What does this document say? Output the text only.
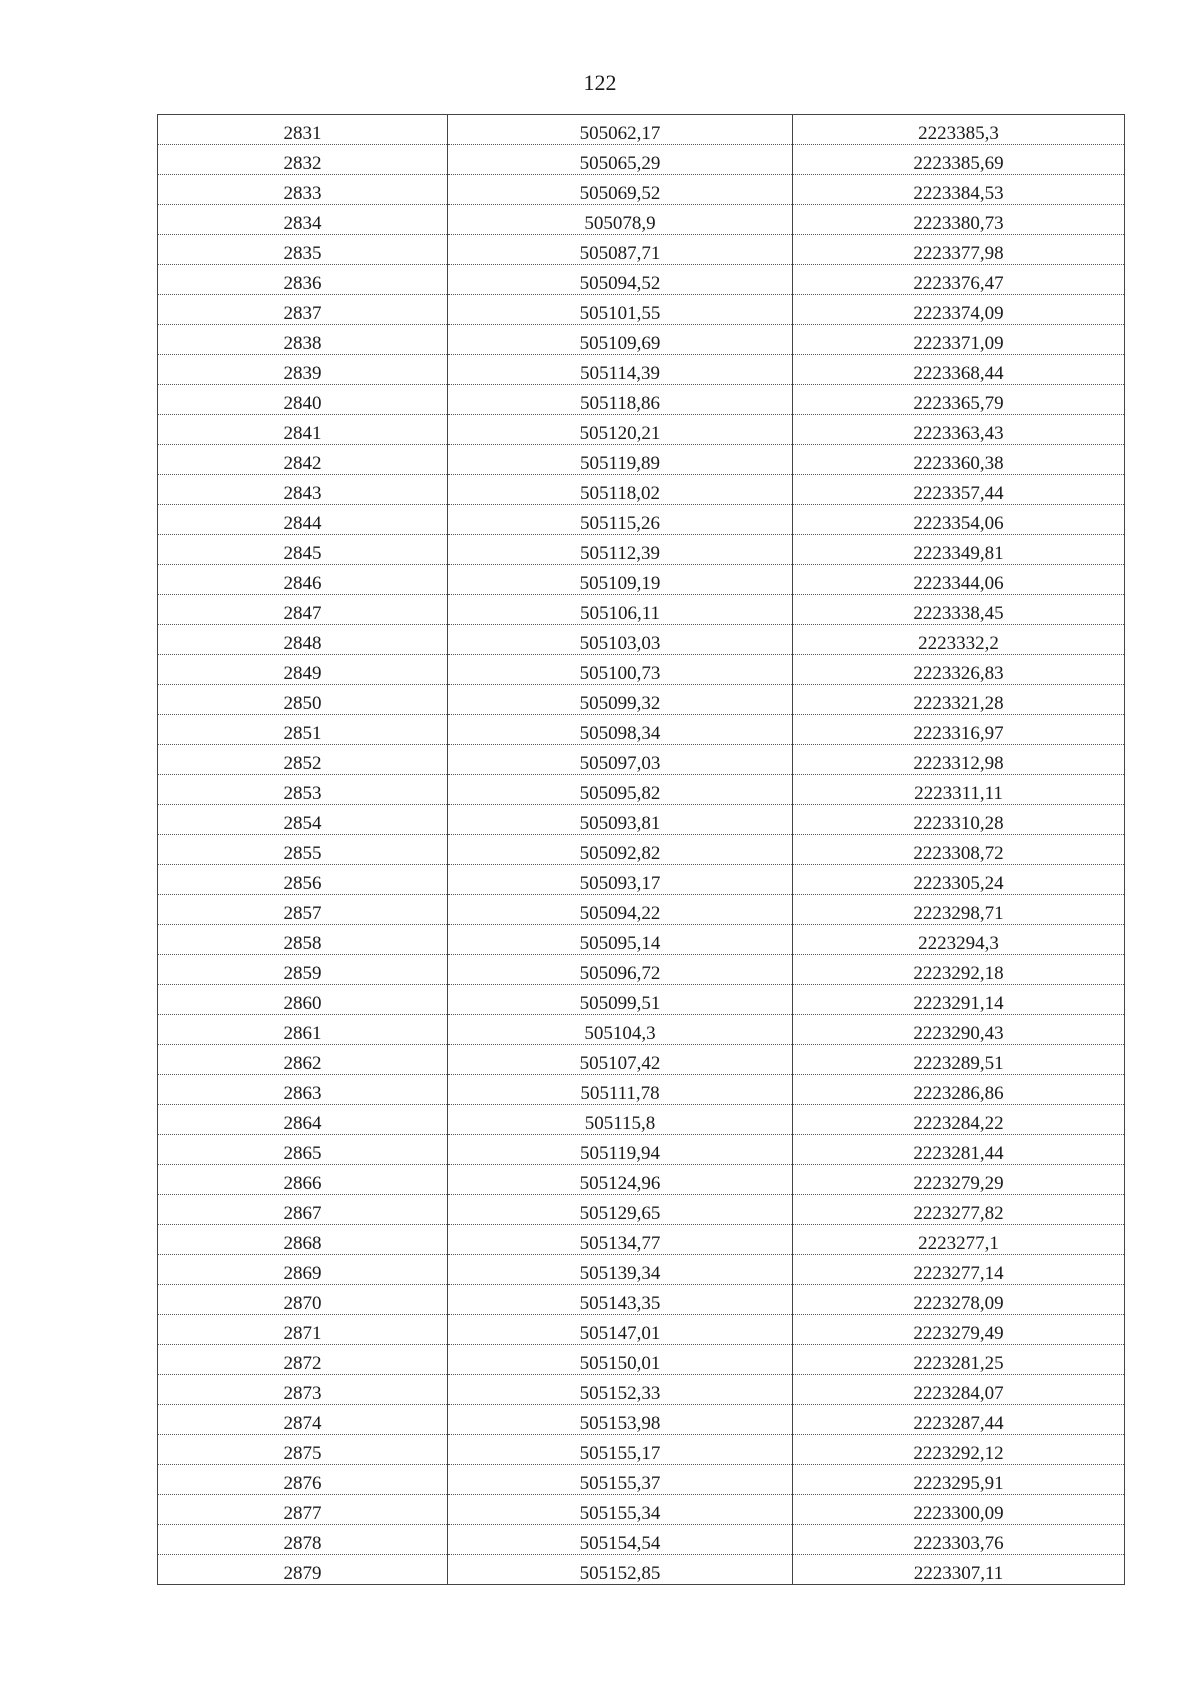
122
2831	505062,17	2223385,3
2832	505065,29	2223385,69
2833	505069,52	2223384,53
2834	505078,9	2223380,73
2835	505087,71	2223377,98
2836	505094,52	2223376,47
2837	505101,55	2223374,09
2838	505109,69	2223371,09
2839	505114,39	2223368,44
2840	505118,86	2223365,79
2841	505120,21	2223363,43
2842	505119,89	2223360,38
2843	505118,02	2223357,44
2844	505115,26	2223354,06
2845	505112,39	2223349,81
2846	505109,19	2223344,06
2847	505106,11	2223338,45
2848	505103,03	2223332,2
2849	505100,73	2223326,83
2850	505099,32	2223321,28
2851	505098,34	2223316,97
2852	505097,03	2223312,98
2853	505095,82	2223311,11
2854	505093,81	2223310,28
2855	505092,82	2223308,72
2856	505093,17	2223305,24
2857	505094,22	2223298,71
2858	505095,14	2223294,3
2859	505096,72	2223292,18
2860	505099,51	2223291,14
2861	505104,3	2223290,43
2862	505107,42	2223289,51
2863	505111,78	2223286,86
2864	505115,8	2223284,22
2865	505119,94	2223281,44
2866	505124,96	2223279,29
2867	505129,65	2223277,82
2868	505134,77	2223277,1
2869	505139,34	2223277,14
2870	505143,35	2223278,09
2871	505147,01	2223279,49
2872	505150,01	2223281,25
2873	505152,33	2223284,07
2874	505153,98	2223287,44
2875	505155,17	2223292,12
2876	505155,37	2223295,91
2877	505155,34	2223300,09
2878	505154,54	2223303,76
2879	505152,85	2223307,11
